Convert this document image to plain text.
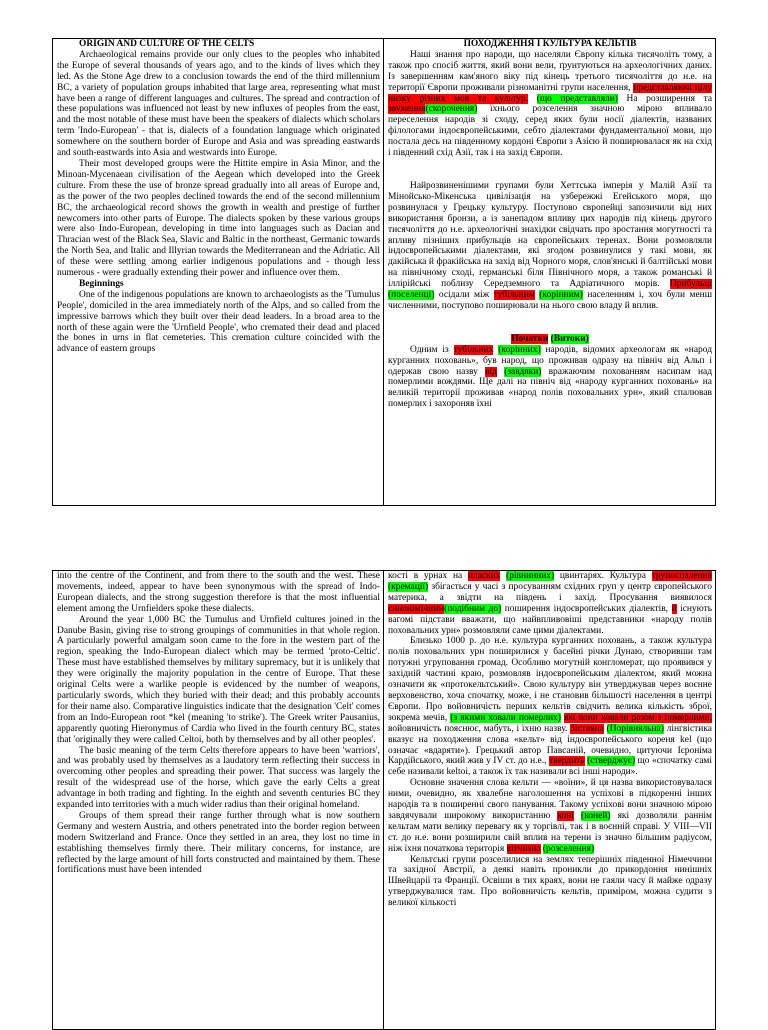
ORIGIN AND CULTURE OF THE CELTS

Archaeological remains provide our only clues to the peoples who inhabited the Europe of several thousands of years ago, and to the kinds of lives which they led. As the Stone Age drew to a conclusion towards the end of the third millennium BC, a variety of population groups inhabited that large area, representing what must have been a range of different languages and cultures. The spread and contraction of these populations was influenced not least by new influxes of peoples from the east, and the most notable of these must have been the speakers of dialects which scholars term 'Indo-European' - that is, dialects of a foundation language which originated somewhere on the southern border of Europe and Asia and was spreading eastwards and south-eastwards into Asia and westwards into Europe.

Their most developed groups were the Hittite empire in Asia Minor, and the Minoan-Mycenaean civilisation of the Aegean which developed into the Greek culture. From these the use of bronze spread gradually into all areas of Europe and, as the power of the two peoples declined towards the end of the second millennium BC, the archaeological record shows the growth in wealth and prestige of further newcomers into other parts of Europe. The dialects spoken by these various groups were also Indo-European, developing in time into languages such as Dacian and Thracian west of the Black Sea, Slavic and Baltic in the northeast, Germanic towards the North Sea, and Italic and Illyrian towards the Mediterranean and the Adriatic. All of these were settling among earlier indigenous populations and - though less numerous - were gradually extending their power and influence over them.

Beginnings

One of the indigenous populations are known to archaeologists as the 'Tumulus People', domiciled in the area immediately north of the Alps, and so called from the impressive barrows which they built over their dead leaders. In a broad area to the north of these again were the 'Urnfield People', who cremated their dead and placed the bones in urns in flat cemeteries. This cremation culture coincided with the advance of eastern groups

ПОХОДЖЕННЯ І КУЛЬТУРА КЕЛЬТІВ

Наші знання про народи, що населяли Європу кілька тисячоліть тому, а також про спосіб життя, який вони вели, ґрунтуються на археологічних даних. Із завершенням кам'яного віку під кінець третього тисячоліття до н.е. на території Європи проживали різноманітні групи населення, представляючі цілу низку різних мов та культур. (що представляли) На розширення та звуження(скорочення) їхнього розселення значною мірою впливало переселення народів зі сходу, серед яких були носії діалектів, названих філологами індоєвропейськими, себто діалектами фундаментальної мови, що постала десь на південному кордоні Європи з Азією й поширювалася як на схід і південний схід Азії, так і на захід Європи.

Найрозвиненішими групами були Хеттська імперія у Малій Азії та Мінойсько-Мікенська цивілізація на узбережжі Егейського моря, що розвинулася у Грецьку культуру. Поступово європейці запозичили від них використання бронзи, а із занепадом впливу цих народів під кінець другого тисячоліття до н.е. археологічні знахідки свідчать про зростання могутності та впливу пізніших прибульців на європейських теренах. Вони розмовляли індоєвропейськими діалектами, які згодом розвинулися у такі мови, як дакійська й фракійська на захід від Чорного моря, слов'янські й балтійські мови на північному сході, германські біля Північного моря, а також романські й іллірійські поблизу Середземного та Адріатичного морів. Прибульці (поселенці) осідали між тубільним (корінним) населенням і, хоч були менш численними, поступово поширювали на нього свою владу й вплив.

Початки (Витоки)

Одним із тубільних (корінних) народів, відомих археологам як «народ курганних поховань», був народ, що проживав одразу на північ від Альп і одержав свою назву від (завдяки) вражаючим похованням насипам над померлими вождями. Ще далі на північ від «народу курганних поховань» на великій території проживав «народ полів поховальних урн», який спалював померлих і захороняв їхні

into the centre of the Continent, and from there to the south and the west. These movements, indeed, appear to have been synonymous with the spread of Indo-European dialects, and the strong suggestion therefore is that the most influential element among the Urnfielders spoke these dialects.

Around the year 1,000 BC the Tumulus and Urnfield cultures joined in the Danube Basin, giving rise to strong groupings of communities in that whole region. A particularly powerful amalgam soon came to the fore in the western part of the region, speaking the Indo-European dialect which may be termed 'proto-Celtic'. These must have established themselves by military supremacy, but it is unlikely that they were originally the majority population in the centre of Europe. That these original Celts were a warlike people is evidenced by the number of weapons, particularly swords, which they buried with their dead; and this probably accounts for their name also. Comparative linguistics indicate that the designation 'Celt' comes from an Indo-European root *kel (meaning 'to strike'). The Greek writer Pausanius, apparently quoting Hieronymus of Cardia who lived in the fourth century BC, states that 'originally they were called Celtoi, both by themselves and by all other peoples'.

The basic meaning of the term Celts therefore appears to have been 'warriors', and was probably used by themselves as a laudatory term reflecting their success in overcoming other peoples and spreading their power. That success was largely the result of the widespread use of the horse, which gave the early Celts a great advantage in both trading and fighting. In the eighth and seventh centuries BC they expanded into territories with a much wider radius than their original homeland.

Groups of them spread their range further through what is now southern Germany and western Austria, and others penetrated into the border region between modern Switzerland and France. Once they settled in an area, they lost no time in establishing themselves firmly there. Their military concerns, for instance, are reflected by the large amount of hill forts constructed and maintained by them. These fortifications must have been intended

кості в урнах на пласких (рівнинних) цвинтарях. Культура трупоспалення (кремації) збігається у часі з просуванням східних груп у центр європейського материка, а звідти на південь і захід. Просування виявилося синонімічним(подібним до) поширення індоєвропейських діалектів, й існують вагомі підстави вважати, що найвпливовіші представники «народу полів поховальних урн» розмовляли саме цими діалектами.

Близько 1000 р. до н.е. культура курганних поховань, а також культура полів поховальних урн поширилися у басейні річки Дунаю, створивши там потужні угруповання громад. Особливо могутній конгломерат, що проявився у західній частині краю, розмовляв індоєвропейським діалектом, який можна означити як «протокельтський». Свою культуру він утверджував через воєнне верховенство, хоча спочатку, може, і не становив більшості населення в центрі Європи. Про войовничість перших кельтів свідчить велика кількість зброї, зокрема мечів, (з якими ховали померлих) які вони ховали разом з померлими, войовничість пояснює, мабуть, і їхню назву. Зіставна (Порівняльна) лінгвістика вказує на походження слова «кельт» від індоєвропейського кореня kel (що означає «вдаряти»). Грецький автор Павсаній, очевидно, цитуючи Ієроніма Кардійського, який жив у IV ст. до н.е., твердить (стверджує) що «спочатку самі себе називали keltoi, а також їх так називали всі інші народи».

Основне значення слова кельти — «воїни», й ця назва використовувалася ними, очевидно, як хвалебне наголошення на успіхові в підкоренні інших народів та в поширенні свого панування. Такому успіхові вони значною мірою завдячували широкому використанню коні (коней) які дозволяли раннім кельтам мати велику перевагу як у торгівлі, так і в воєнній справі. У VIII—VII ст. до н.е. вони розширили свій вплив на терени із значно більшим радіусом, ніж їхня початкова територія вітчизна (розселення)

Кельтські групи розселилися на землях теперішніх південної Німеччини та західної Австрії, а деякі навіть проникли до прикордоння нинішніх Швейцарії та Франції. Освіши в тих краях, вони не гаяли часу й майже одразу утверджувалися там. Про войовничість кельтів, приміром, можна судити з великої кількості
